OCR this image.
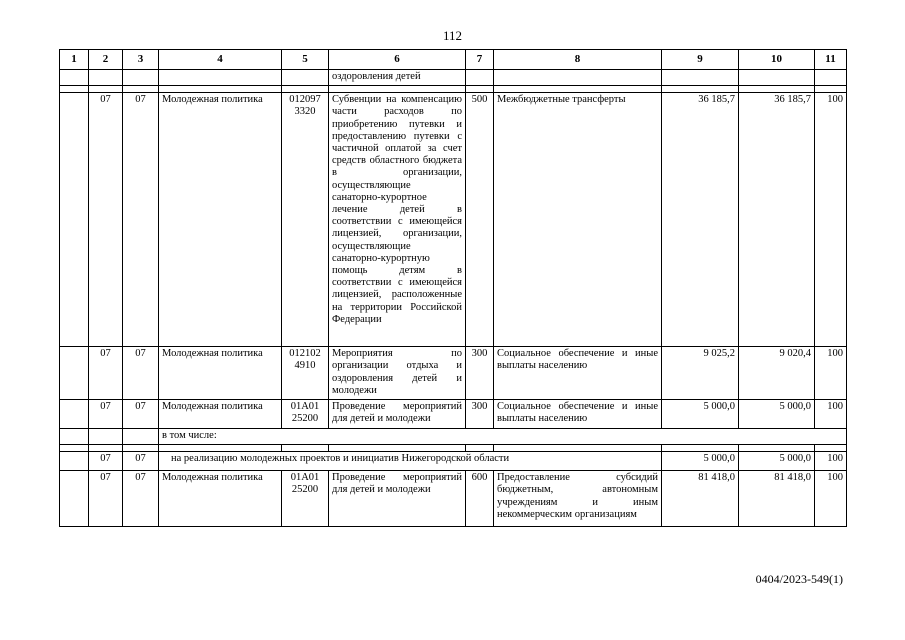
112
1	2	3	4	5	6	7	8	9	10	11
					оздоровления детей					

	07	07	Молодежная политика	012097 3320	Субвенции на компенсацию части расходов по приобретению путевки и предоставлению путевки с частичной оплатой за счет средств областного бюджета в организации, осуществляющие санаторно-курортное лечение детей в соответствии с имеющейся лицензией, организации, осуществляющие санаторно-курортную помощь детям в соответствии с имеющейся лицензией, расположенные на территории Российской Федерации	500	Межбюджетные трансферты	36 185,7	36 185,7	100
	07	07	Молодежная политика	012102 4910	Мероприятия по организации отдыха и оздоровления детей и молодежи	300	Социальное обеспечение и иные выплаты населению	9 025,2	9 020,4	100
	07	07	Молодежная политика	01А01 25200	Проведение мероприятий для детей и молодежи	300	Социальное обеспечение и иные выплаты населению	5 000,0	5 000,0	100
			в том числе:							

	07	07	на реализацию молодежных проектов и инициатив Нижегородской области					5 000,0	5 000,0	100
	07	07	Молодежная политика	01А01 25200	Проведение мероприятий для детей и молодежи	600	Предоставление субсидий бюджетным, автономным учреждениям и иным некоммерческим организациям	81 418,0	81 418,0	100
0404/2023-549(1)
